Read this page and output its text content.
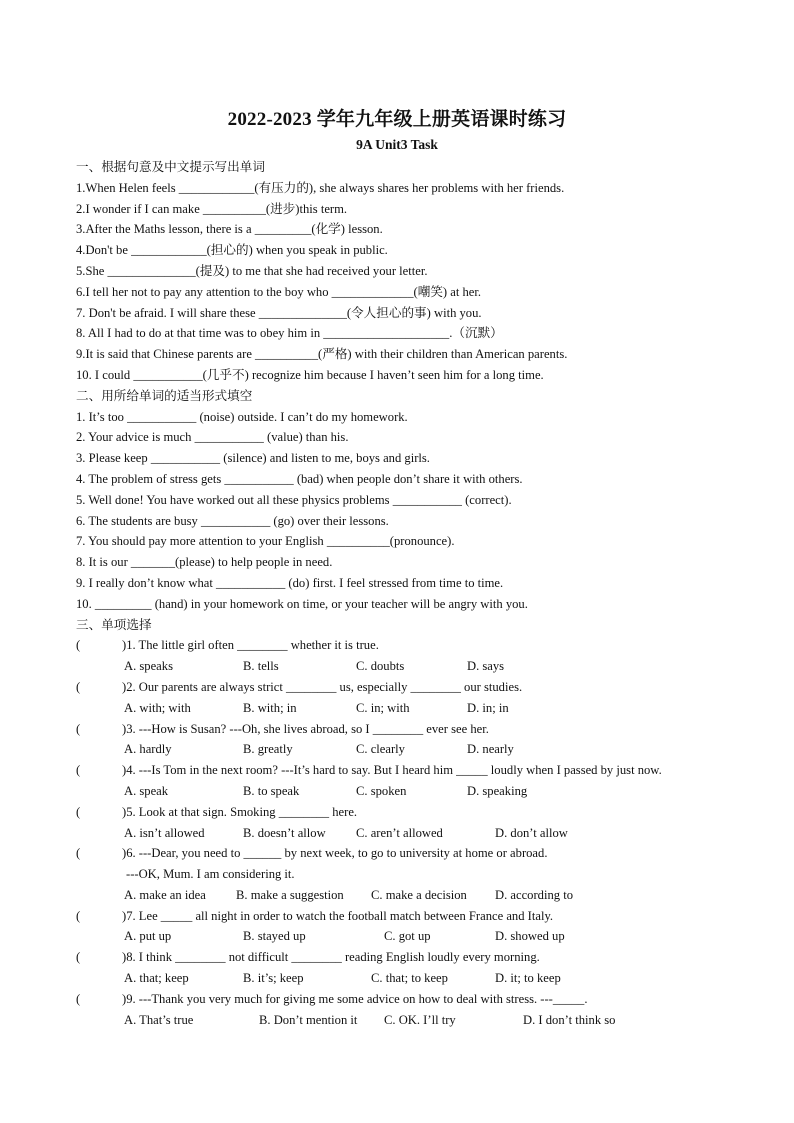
2022-2023 学年九年级上册英语课时练习
9A Unit3 Task
一、根据句意及中文提示写出单词
1.When Helen feels ____________(有压力的), she always shares her problems with her friends.
2.I wonder if I can make __________(进步)this term.
3.After the Maths lesson, there is a _________(化学) lesson.
4.Don't be ____________(担心的) when you speak in public.
5.She ______________(提及) to me that she had received your letter.
6.I tell her not to pay any attention to the boy who _____________(嘲笑) at her.
7. Don't be afraid. I will share these ______________(令人担心的事) with you.
8. All I had to do at that time was to obey him in ____________________.（沉默）
9.It is said that Chinese parents are __________(严格) with their children than American parents.
10. I could ___________(几乎不) recognize him because I haven’t seen him for a long time.
二、用所给单词的适当形式填空
1. It’s too ___________ (noise) outside. I can’t do my homework.
2. Your advice is much ___________ (value) than his.
3. Please keep ___________ (silence) and listen to me, boys and girls.
4. The problem of stress gets ___________ (bad) when people don’t share it with others.
5. Well done! You have worked out all these physics problems ___________ (correct).
6. The students are busy ___________ (go) over their lessons.
7. You should pay more attention to your English __________(pronounce).
8. It is our _______(please) to help people in need.
9. I really don’t know what ___________ (do) first. I feel stressed from time to time.
10. _________ (hand) in your homework on time, or your teacher will be angry with you.
三、单项选择
(	)1. The little girl often ________ whether it is true.
A. speaks	B. tells	C. doubts	D. says
(	)2. Our parents are always strict ________ us, especially ________ our studies.
A. with; with	B. with; in	C. in; with	D. in; in
(	)3. ---How is Susan? ---Oh, she lives abroad, so I ________ ever see her.
A. hardly	B. greatly	C. clearly	D. nearly
(	)4. ---Is Tom in the next room? ---It’s hard to say. But I heard him _____ loudly when I passed by just now.
A. speak	B. to speak	C. spoken	D. speaking
(	)5. Look at that sign. Smoking ________ here.
A. isn’t allowed	B. doesn’t allow C. aren’t allowed	D. don’t allow
(	)6. ---Dear, you need to ______ by next week, to go to university at home or abroad.
---OK, Mum. I am considering it.
A. make an idea B. make a suggestion C. make a decision D. according to
(	)7. Lee _____ all night in order to watch the football match between France and Italy.
A. put up	B. stayed up	C. got up	D. showed up
(	)8. I think ________ not difficult ________ reading English loudly every morning.
A. that; keep	B. it’s; keep	C. that; to keep	D. it; to keep
(	)9. ---Thank you very much for giving me some advice on how to deal with stress. ---_____.
A. That’s true	B. Don’t mention it C. OK. I’ll try	D. I don’t think so
